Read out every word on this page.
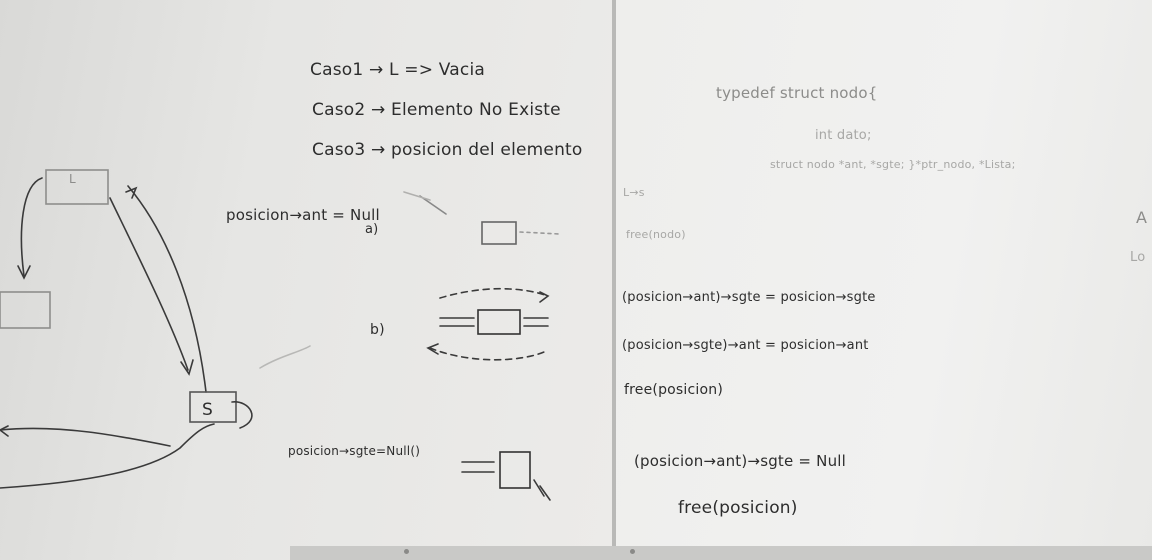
Caso1 → L => Vacia
Caso2 → Elemento No Existe
Caso3 → posicion del elemento
posicion→ant = Null
a)
b)
posicion→sgte=Null()
S
L
typedef struct nodo{
int dato;
struct nodo *ant, *sgte; }*ptr_nodo, *Lista;
L→s
free(nodo)
(posicion→ant)→sgte = posicion→sgte
(posicion→sgte)→ant = posicion→ant
free(posicion)
(posicion→ant)→sgte = Null
free(posicion)
A
Lo
